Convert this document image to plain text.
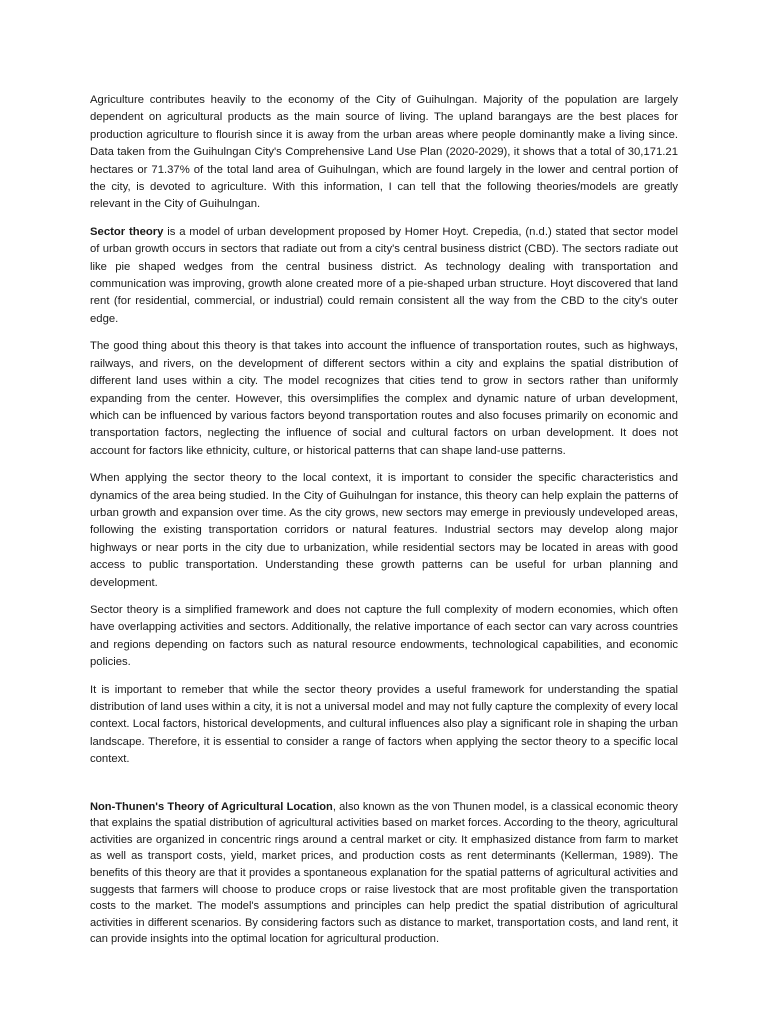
Agriculture contributes heavily to the economy of the City of Guihulngan. Majority of the population are largely dependent on agricultural products as the main source of living. The upland barangays are the best places for production agriculture to flourish since it is away from the urban areas where people dominantly make a living since. Data taken from the Guihulngan City's Comprehensive Land Use Plan (2020-2029), it shows that a total of 30,171.21 hectares or 71.37% of the total land area of Guihulngan, which are found largely in the lower and central portion of the city, is devoted to agriculture. With this information, I can tell that the following theories/models are greatly relevant in the City of Guihulngan.

Sector theory is a model of urban development proposed by Homer Hoyt. Crepedia, (n.d.) stated that sector model of urban growth occurs in sectors that radiate out from a city's central business district (CBD). The sectors radiate out like pie shaped wedges from the central business district. As technology dealing with transportation and communication was improving, growth alone created more of a pie-shaped urban structure. Hoyt discovered that land rent (for residential, commercial, or industrial) could remain consistent all the way from the CBD to the city's outer edge.

The good thing about this theory is that takes into account the influence of transportation routes, such as highways, railways, and rivers, on the development of different sectors within a city and explains the spatial distribution of different land uses within a city. The model recognizes that cities tend to grow in sectors rather than uniformly expanding from the center. However, this oversimplifies the complex and dynamic nature of urban development, which can be influenced by various factors beyond transportation routes and also focuses primarily on economic and transportation factors, neglecting the influence of social and cultural factors on urban development. It does not account for factors like ethnicity, culture, or historical patterns that can shape land-use patterns.

When applying the sector theory to the local context, it is important to consider the specific characteristics and dynamics of the area being studied. In the City of Guihulngan for instance, this theory can help explain the patterns of urban growth and expansion over time. As the city grows, new sectors may emerge in previously undeveloped areas, following the existing transportation corridors or natural features. Industrial sectors may develop along major highways or near ports in the city due to urbanization, while residential sectors may be located in areas with good access to public transportation. Understanding these growth patterns can be useful for urban planning and development.

Sector theory is a simplified framework and does not capture the full complexity of modern economies, which often have overlapping activities and sectors. Additionally, the relative importance of each sector can vary across countries and regions depending on factors such as natural resource endowments, technological capabilities, and economic policies.

It is important to remeber that while the sector theory provides a useful framework for understanding the spatial distribution of land uses within a city, it is not a universal model and may not fully capture the complexity of every local context. Local factors, historical developments, and cultural influences also play a significant role in shaping the urban landscape. Therefore, it is essential to consider a range of factors when applying the sector theory to a specific local context.

Non-Thunen's Theory of Agricultural Location, also known as the von Thunen model, is a classical economic theory that explains the spatial distribution of agricultural activities based on market forces. According to the theory, agricultural activities are organized in concentric rings around a central market or city. It emphasized distance from farm to market as well as transport costs, yield, market prices, and production costs as rent determinants (Kellerman, 1989). The benefits of this theory are that it provides a spontaneous explanation for the spatial patterns of agricultural activities and suggests that farmers will choose to produce crops or raise livestock that are most profitable given the transportation costs to the market. The model's assumptions and principles can help predict the spatial distribution of agricultural activities in different scenarios. By considering factors such as distance to market, transportation costs, and land rent, it can provide insights into the optimal location for agricultural production.
